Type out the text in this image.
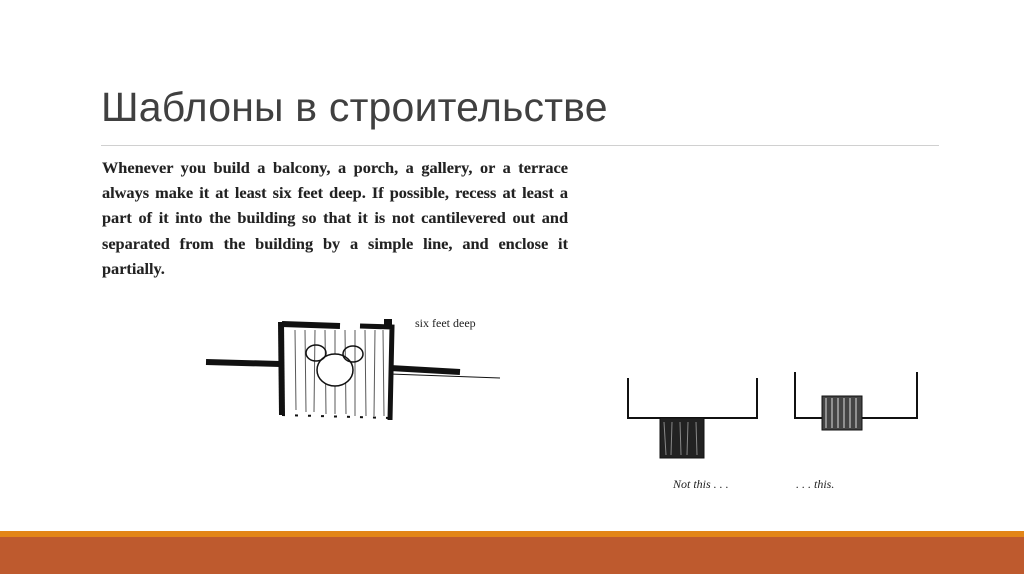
Шаблоны в строительстве
Whenever you build a balcony, a porch, a gallery, or a terrace always make it at least six feet deep. If possible, recess at least a part of it into the building so that it is not cantilevered out and separated from the building by a simple line, and enclose it partially.
six feet deep
Not this . . .	. . . this.
